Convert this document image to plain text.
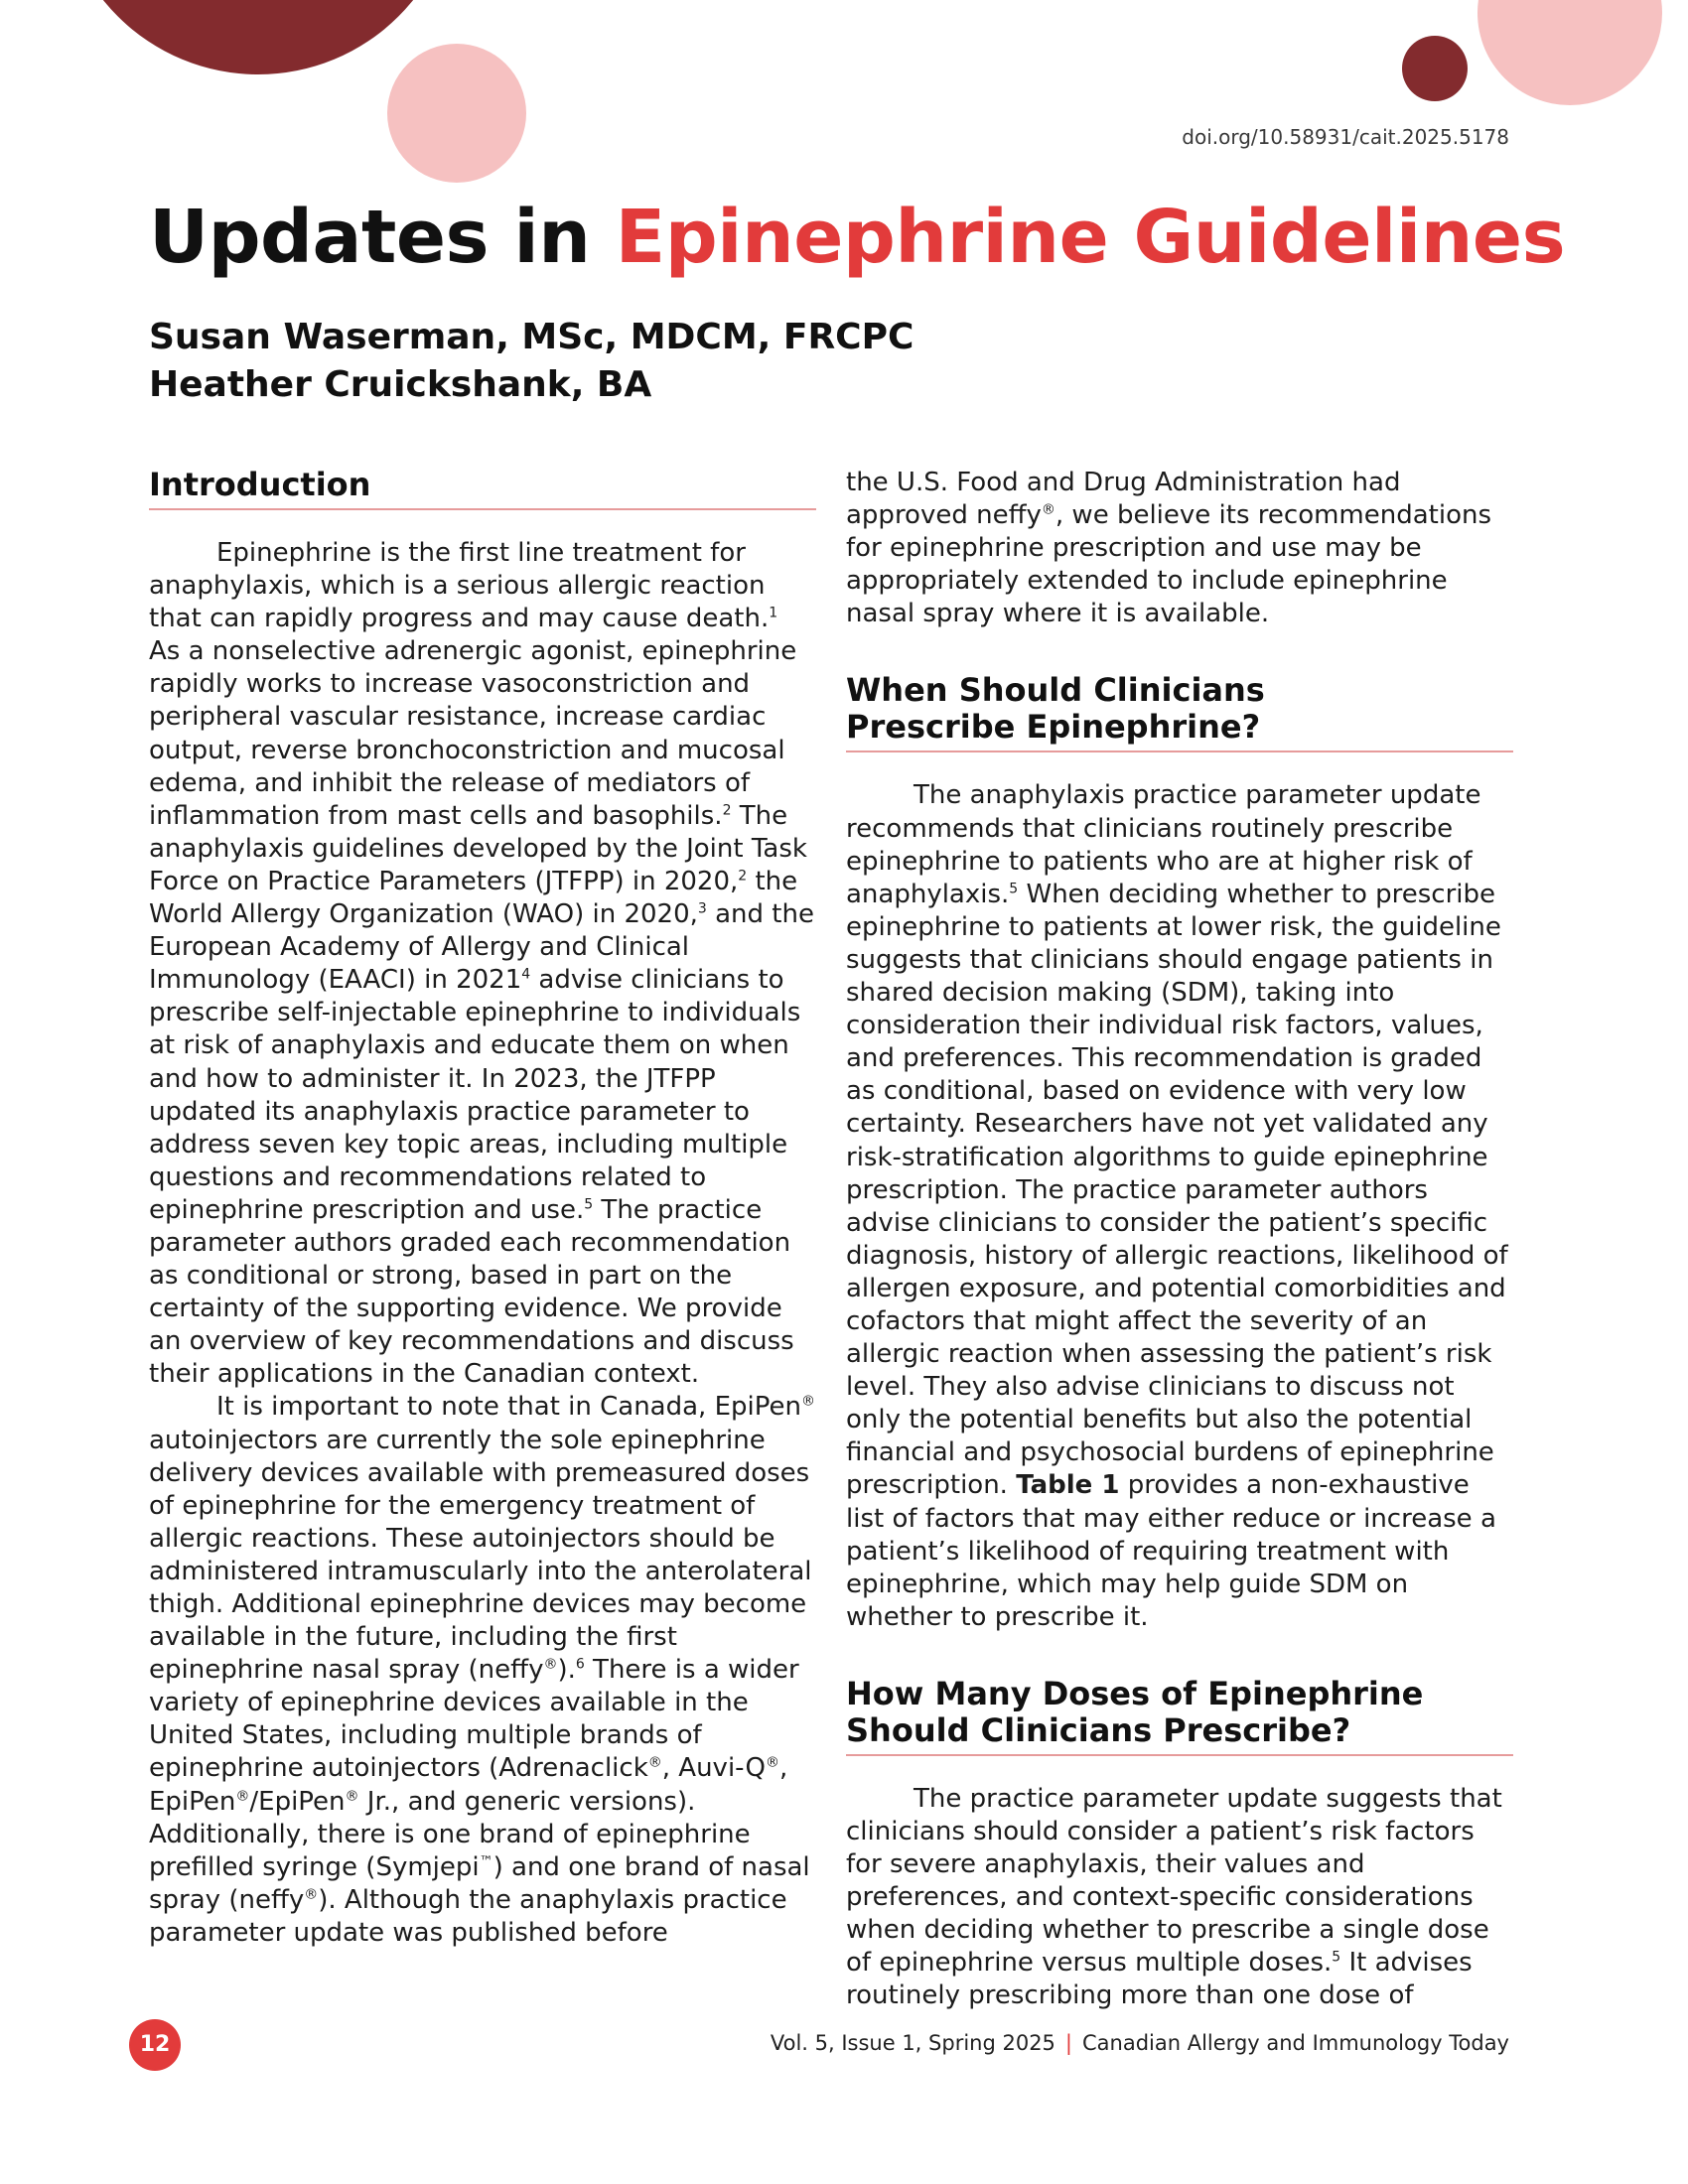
doi.org/10.58931/cait.2025.5178
Updates in Epinephrine Guidelines
Susan Waserman, MSc, MDCM, FRCPC
Heather Cruickshank, BA
Introduction

Epinephrine is the first line treatment for anaphylaxis, which is a serious allergic reaction that can rapidly progress and may cause death.$^1$ As a nonselective adrenergic agonist, epinephrine rapidly works to increase vasoconstriction and peripheral vascular resistance, increase cardiac output, reverse bronchoconstriction and mucosal edema, and inhibit the release of mediators of inflammation from mast cells and basophils.$^2$ The anaphylaxis guidelines developed by the Joint Task Force on Practice Parameters (JTFPP) in 2020,$^2$ the World Allergy Organization (WAO) in 2020,$^3$ and the European Academy of Allergy and Clinical Immunology (EAACI) in 2021$^4$ advise clinicians to prescribe self-injectable epinephrine to individuals at risk of anaphylaxis and educate them on when and how to administer it. In 2023, the JTFPP updated its anaphylaxis practice parameter to address seven key topic areas, including multiple questions and recommendations related to epinephrine prescription and use.$^5$ The practice parameter authors graded each recommendation as conditional or strong, based in part on the certainty of the supporting evidence. We provide an overview of key recommendations and discuss their applications in the Canadian context.

It is important to note that in Canada, EpiPen® autoinjectors are currently the sole epinephrine delivery devices available with premeasured doses of epinephrine for the emergency treatment of allergic reactions. These autoinjectors should be administered intramuscularly into the anterolateral thigh. Additional epinephrine devices may become available in the future, including the first epinephrine nasal spray (neffy®).$^6$ There is a wider variety of epinephrine devices available in the United States, including multiple brands of epinephrine autoinjectors (Adrenaclick®, Auvi-Q®, EpiPen®/EpiPen® Jr., and generic versions). Additionally, there is one brand of epinephrine prefilled syringe (Symjepi™) and one brand of nasal spray (neffy®). Although the anaphylaxis practice parameter update was published before

the U.S. Food and Drug Administration had approved neffy®, we believe its recommendations for epinephrine prescription and use may be appropriately extended to include epinephrine nasal spray where it is available.

When Should Clinicians
Prescribe Epinephrine?

The anaphylaxis practice parameter update recommends that clinicians routinely prescribe epinephrine to patients who are at higher risk of anaphylaxis.$^5$ When deciding whether to prescribe epinephrine to patients at lower risk, the guideline suggests that clinicians should engage patients in shared decision making (SDM), taking into consideration their individual risk factors, values, and preferences. This recommendation is graded as conditional, based on evidence with very low certainty. Researchers have not yet validated any risk-stratification algorithms to guide epinephrine prescription. The practice parameter authors advise clinicians to consider the patient’s specific diagnosis, history of allergic reactions, likelihood of allergen exposure, and potential comorbidities and cofactors that might affect the severity of an allergic reaction when assessing the patient’s risk level. They also advise clinicians to discuss not only the potential benefits but also the potential financial and psychosocial burdens of epinephrine prescription. Table 1 provides a non-exhaustive list of factors that may either reduce or increase a patient’s likelihood of requiring treatment with epinephrine, which may help guide SDM on whether to prescribe it.

How Many Doses of Epinephrine
Should Clinicians Prescribe?

The practice parameter update suggests that clinicians should consider a patient’s risk factors for severe anaphylaxis, their values and preferences, and context-specific considerations when deciding whether to prescribe a single dose of epinephrine versus multiple doses.$^5$ It advises routinely prescribing more than one dose of

12	Vol. 5, Issue 1, Spring 2025 | Canadian Allergy and Immunology Today
